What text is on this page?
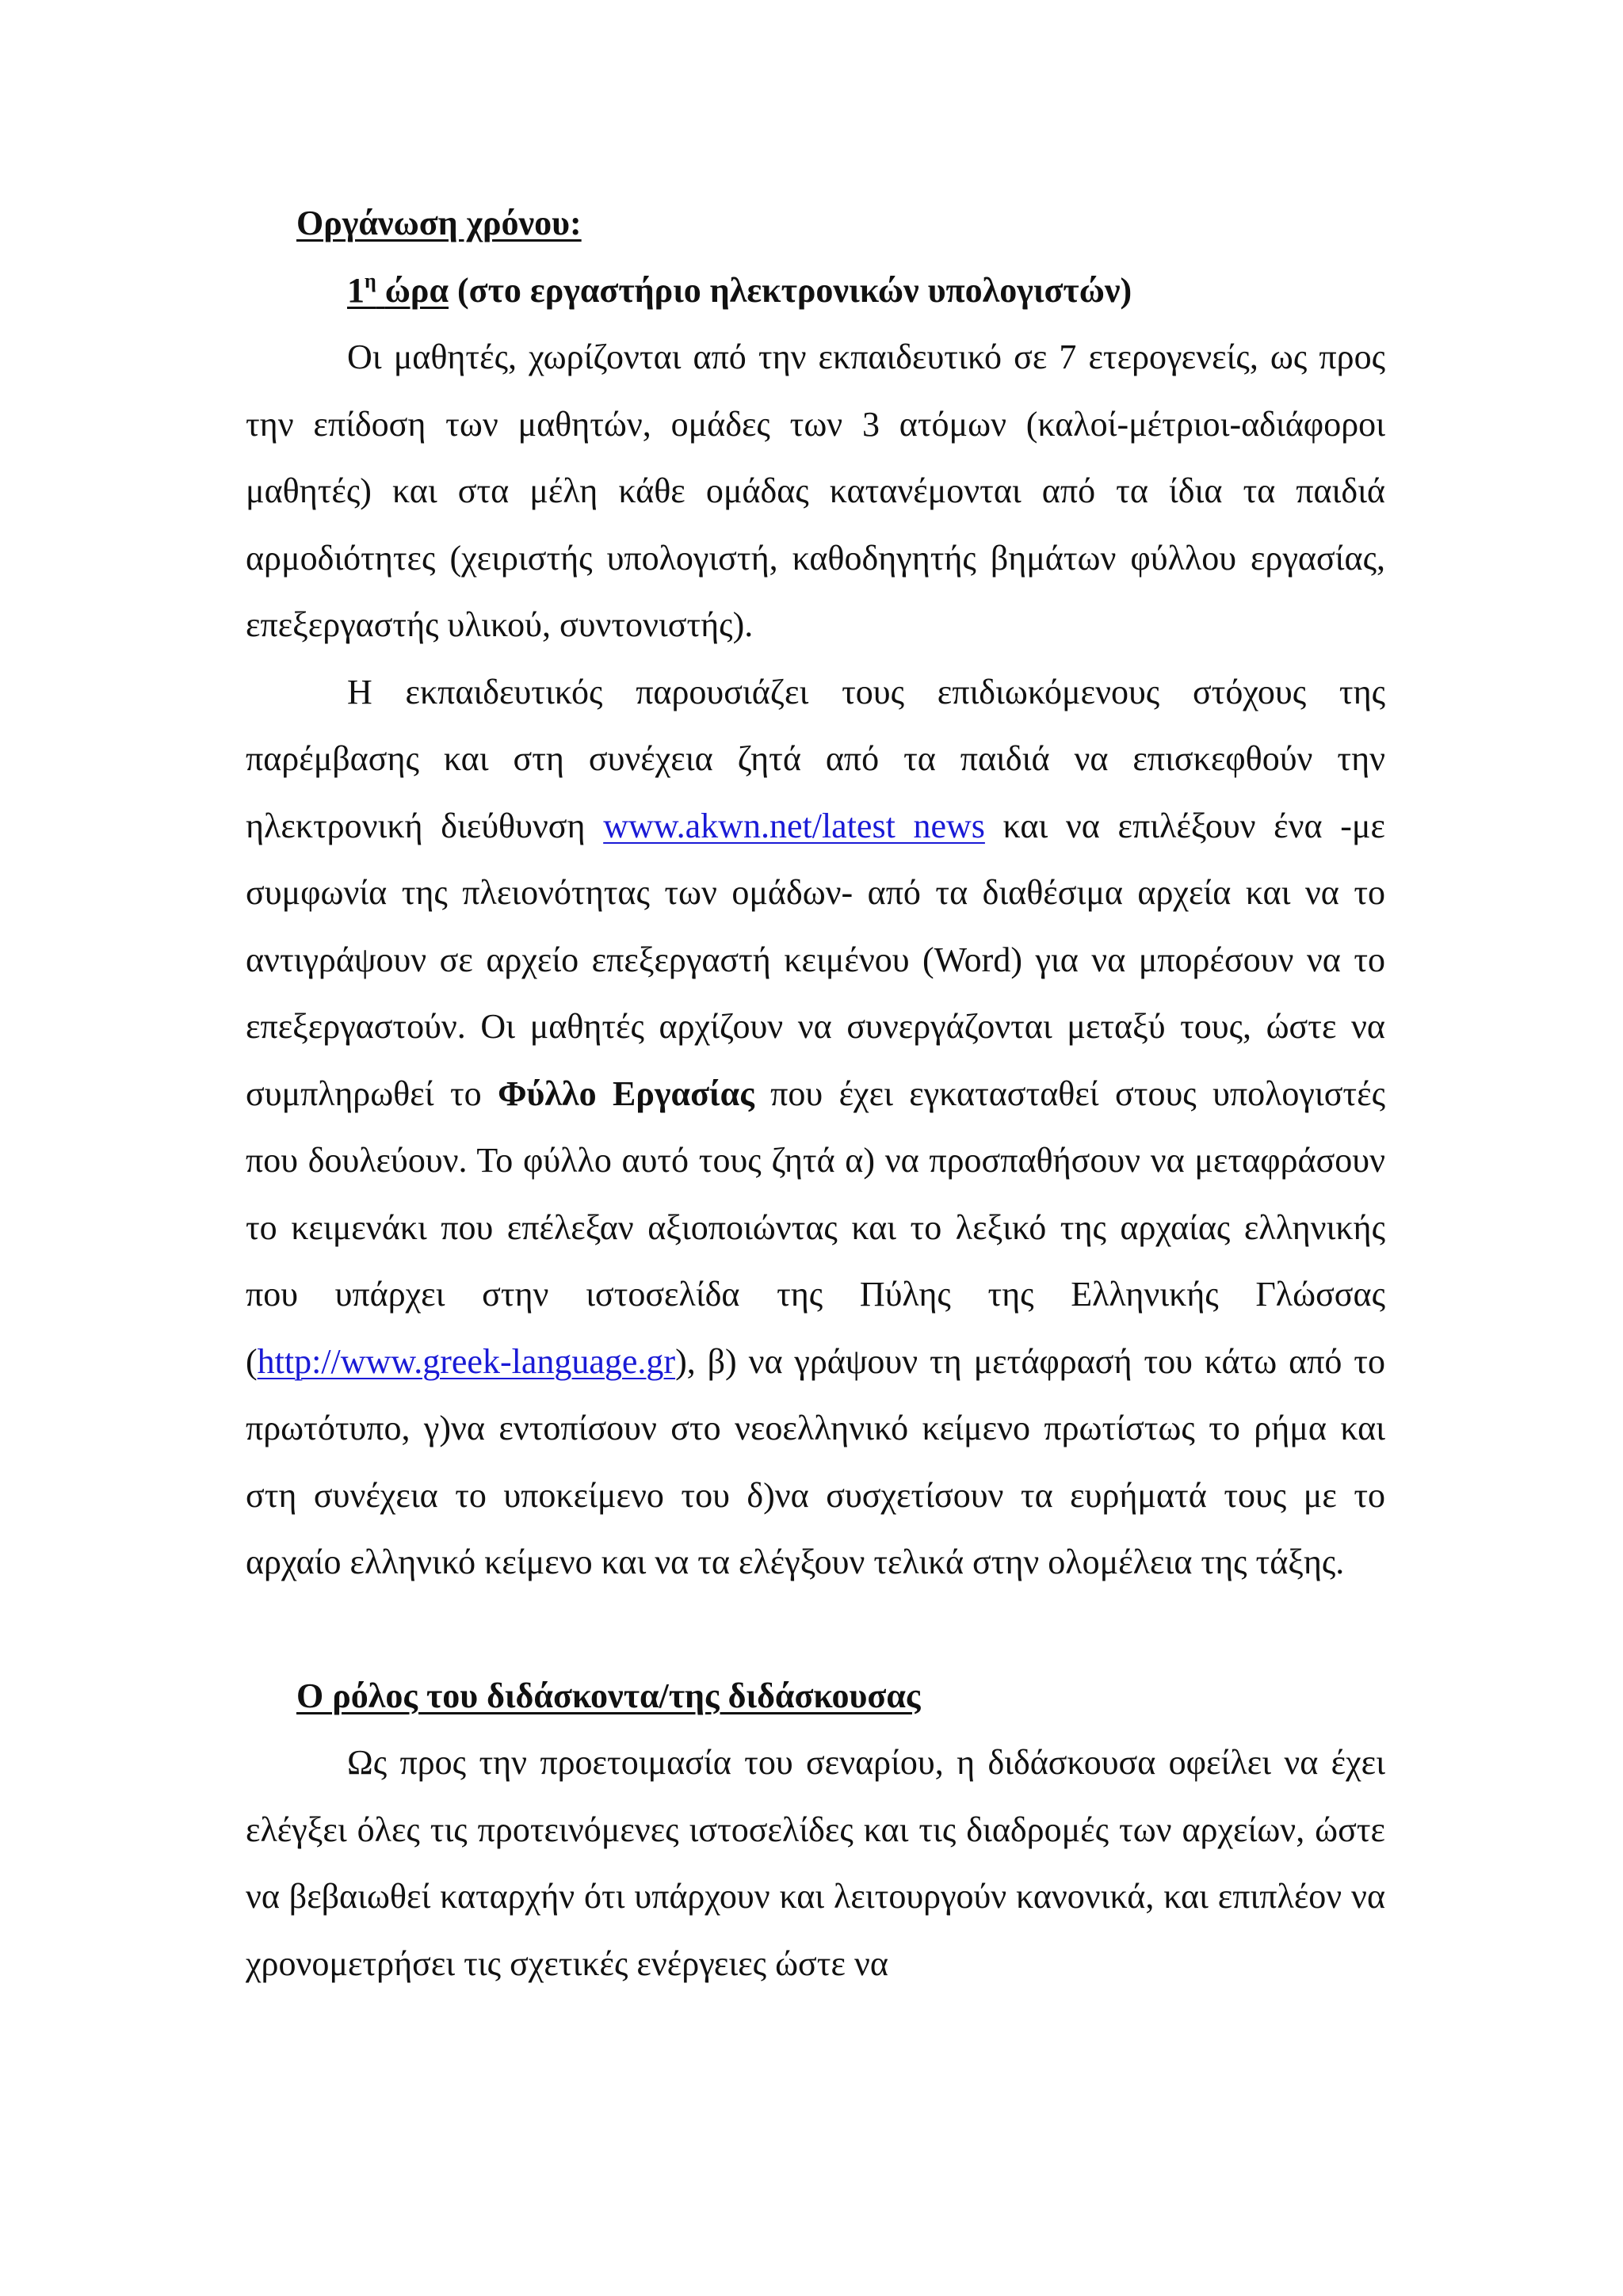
Οργάνωση χρόνου:

$1^\eta$ ώρα (στο εργαστήριο ηλεκτρονικών υπολογιστών)

Οι μαθητές, χωρίζονται από την εκπαιδευτικό σε 7 ετερογενείς, ως προς την επίδοση των μαθητών, ομάδες των 3 ατόμων (καλοί-μέτριοι-αδιάφοροι μαθητές) και στα μέλη κάθε ομάδας κατανέμονται από τα ίδια τα παιδιά αρμοδιότητες (χειριστής υπολογιστή, καθοδηγητής βημάτων φύλλου εργασίας, επεξεργαστής υλικού, συντονιστής).

Η εκπαιδευτικός παρουσιάζει τους επιδιωκόμενους στόχους της παρέμβασης και στη συνέχεια ζητά από τα παιδιά να επισκεφθούν την ηλεκτρονική διεύθυνση www.akwn.net/latest news και να επιλέξουν ένα -με συμφωνία της πλειονότητας των ομάδων- από τα διαθέσιμα αρχεία και να το αντιγράψουν σε αρχείο επεξεργαστή κειμένου (Word) για να μπορέσουν να το επεξεργαστούν. Οι μαθητές αρχίζουν να συνεργάζονται μεταξύ τους, ώστε να συμπληρωθεί το Φύλλο Εργασίας που έχει εγκατασταθεί στους υπολογιστές που δουλεύουν. Το φύλλο αυτό τους ζητά α) να προσπαθήσουν να μεταφράσουν το κειμενάκι που επέλεξαν αξιοποιώντας και το λεξικό της αρχαίας ελληνικής που υπάρχει στην ιστοσελίδα της Πύλης της Ελληνικής Γλώσσας (http://www.greek-language.gr), β) να γράψουν τη μετάφρασή του κάτω από το πρωτότυπο, γ)να εντοπίσουν στο νεοελληνικό κείμενο πρωτίστως το ρήμα και στη συνέχεια το υποκείμενο του δ)να συσχετίσουν τα ευρήματά τους με το αρχαίο ελληνικό κείμενο και να τα ελέγξουν τελικά στην ολομέλεια της τάξης.

Ο ρόλος του διδάσκοντα/της διδάσκουσας

Ως προς την προετοιμασία του σεναρίου, η διδάσκουσα οφείλει να έχει ελέγξει όλες τις προτεινόμενες ιστοσελίδες και τις διαδρομές των αρχείων, ώστε να βεβαιωθεί καταρχήν ότι υπάρχουν και λειτουργούν κανονικά, και επιπλέον να χρονομετρήσει τις σχετικές ενέργειες ώστε να
